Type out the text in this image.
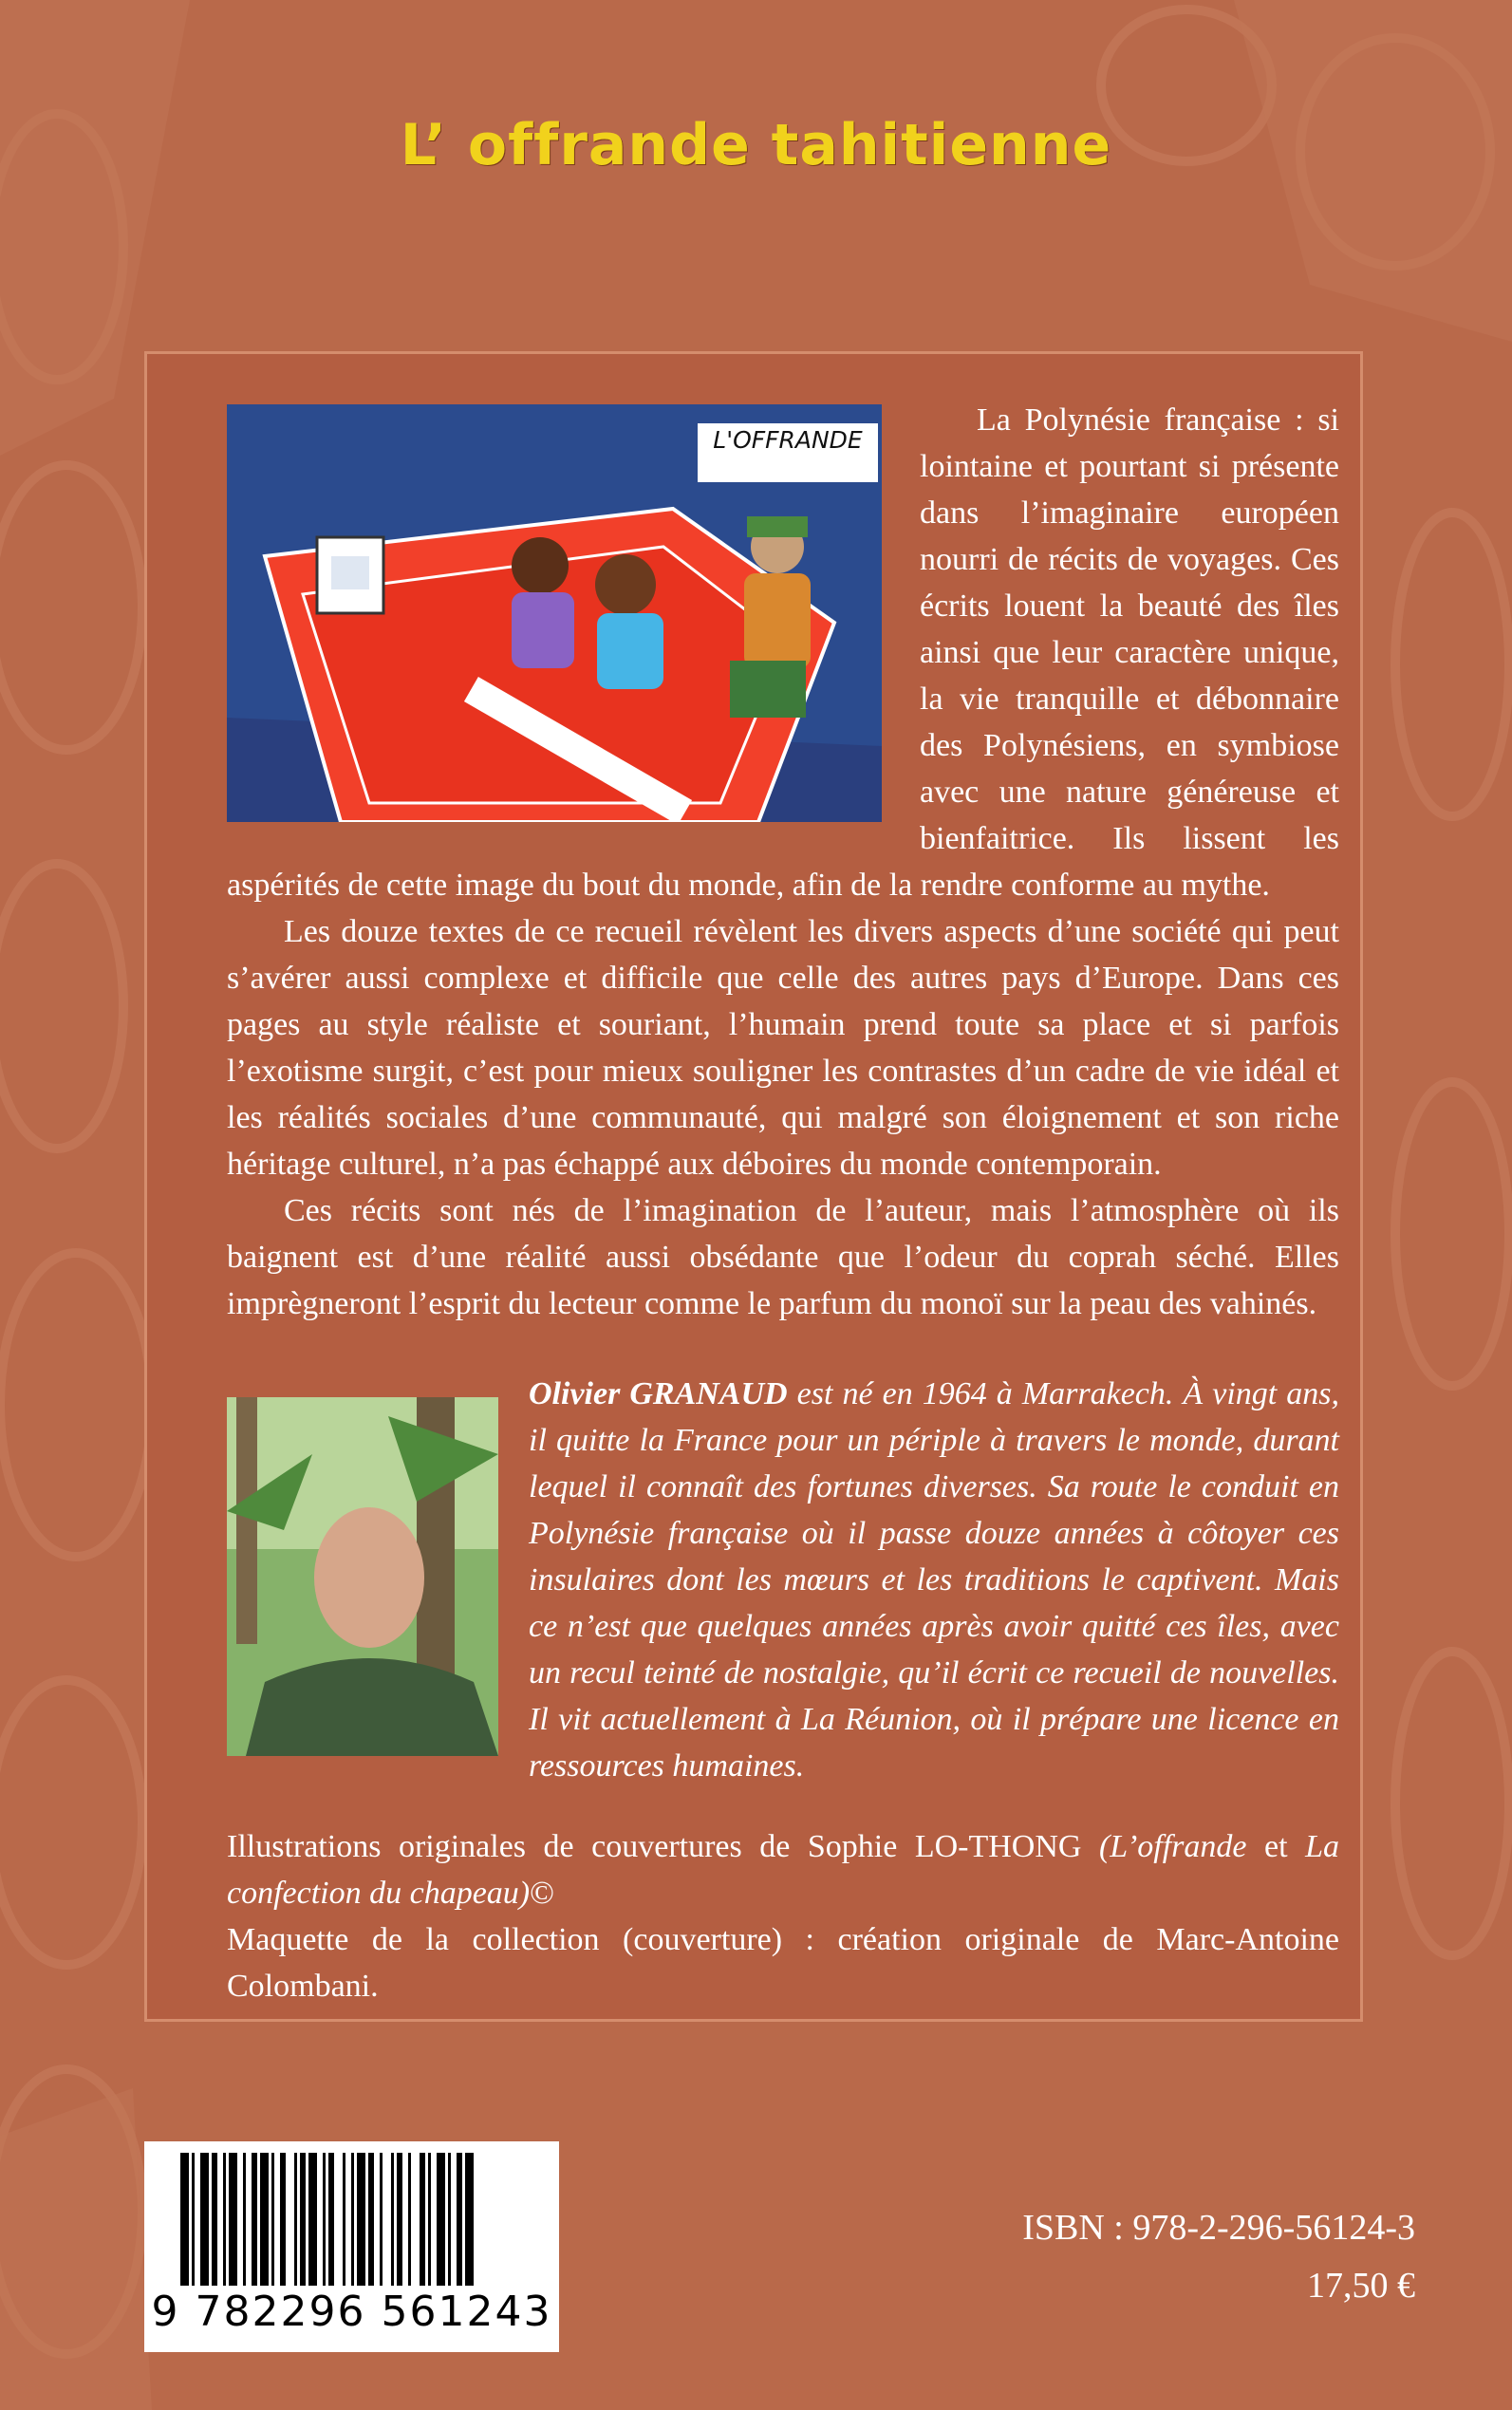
L’ offrande tahitienne
L'OFFRANDE

La Polynésie française : si lointaine et pourtant si présente dans l’imaginaire européen nourri de récits de voyages. Ces écrits louent la beauté des îles ainsi que leur caractère unique, la vie tranquille et débonnaire des Polynésiens, en symbiose avec une nature généreuse et bienfaitrice. Ils lissent les aspérités de cette image du bout du monde, afin de la rendre conforme au mythe.

Les douze textes de ce recueil révèlent les divers aspects d’une société qui peut s’avérer aussi complexe et difficile que celle des autres pays d’Europe. Dans ces pages au style réaliste et souriant, l’humain prend toute sa place et si parfois l’exotisme surgit, c’est pour mieux souligner les contrastes d’un cadre de vie idéal et les réalités sociales d’une communauté, qui malgré son éloignement et son riche héritage culturel, n’a pas échappé aux déboires du monde contemporain.

Ces récits sont nés de l’imagination de l’auteur, mais l’atmosphère où ils baignent est d’une réalité aussi obsédante que l’odeur du coprah séché. Elles imprègneront l’esprit du lecteur comme le parfum du monoï sur la peau des vahinés.

Olivier GRANAUD est né en 1964 à Marrakech. À vingt ans, il quitte la France pour un périple à travers le monde, durant lequel il connaît des fortunes diverses. Sa route le conduit en Polynésie française où il passe douze années à côtoyer ces insulaires dont les mœurs et les traditions le captivent. Mais ce n’est que quelques années après avoir quitté ces îles, avec un recul teinté de nostalgie, qu’il écrit ce recueil de nouvelles. Il vit actuellement à La Réunion, où il prépare une licence en ressources humaines.

Illustrations originales de couvertures de Sophie LO-THONG (L’offrande et La confection du chapeau)©

Maquette de la collection (couverture) : création originale de Marc-Antoine Colombani.

9 782296 561243
ISBN : 978-2-296-56124-3
17,50 €
